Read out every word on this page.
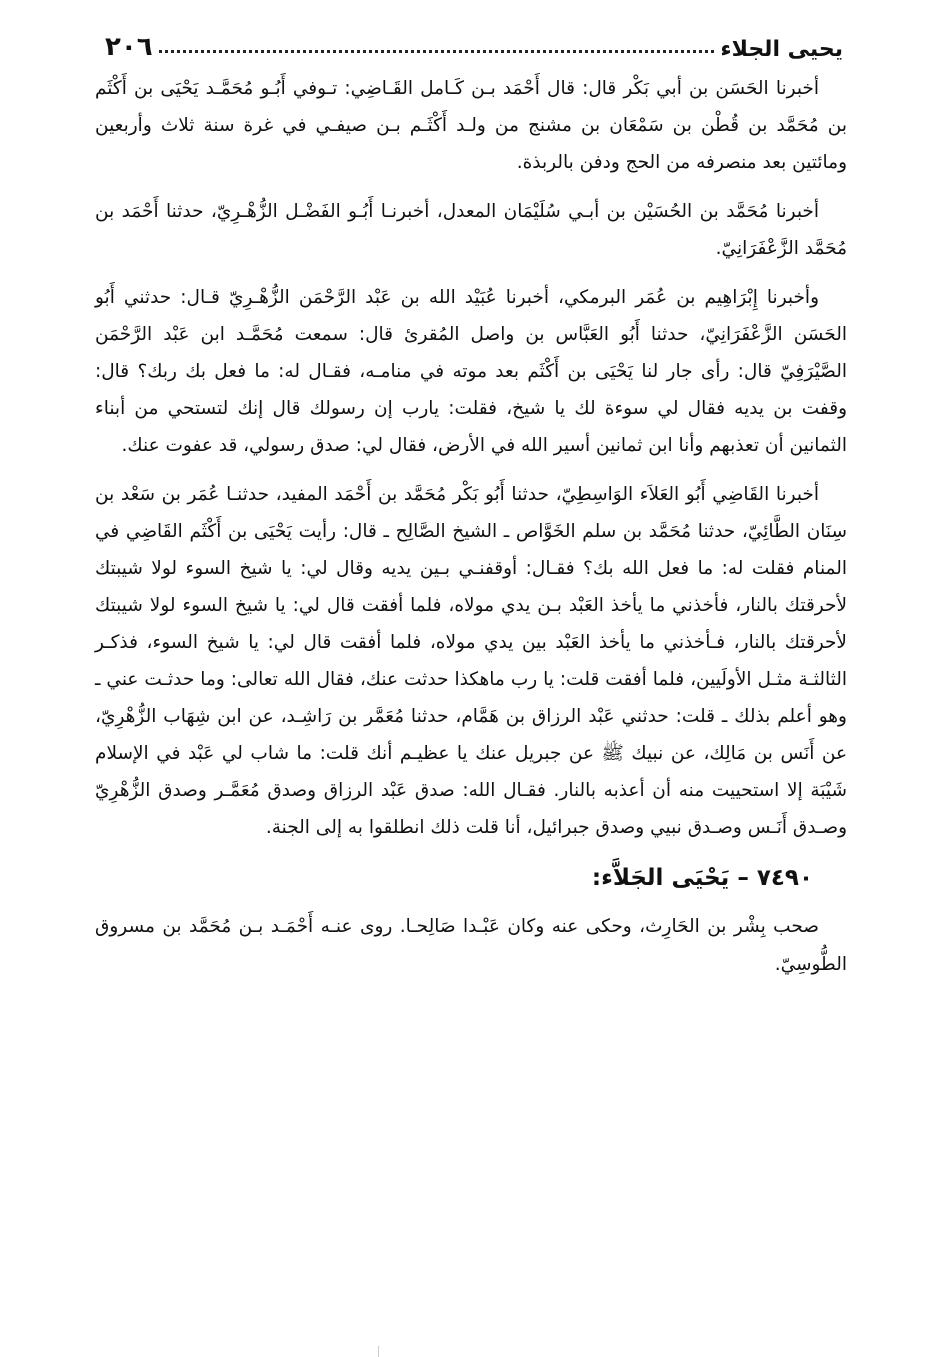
يحيى الجلاء
٢٠٦

أخبرنا الحَسَن بن أبي بَكْر قال: قال أَحْمَد بـن كَـامل القَـاضِي: تـوفي أَبُـو مُحَمَّـد يَحْيَى بن أَكْثَم بن مُحَمَّد بن قُطْن بن سَمْعَان بن مشنج من ولـد أَكْثَـم بـن صيفـي في غرة سنة ثلاث وأربعين ومائتين بعد منصرفه من الحج ودفن بالربذة.

أخبرنا مُحَمَّد بن الحُسَيْن بن أبـي سُلَيْمَان المعدل، أخبرنـا أَبُـو الفَضْـل الزُّهْـرِيّ، حدثنا أَحْمَد بن مُحَمَّد الزَّعْفَرَانِيّ.

وأخبرنا إِبْرَاهِيم بن عُمَر البرمكي، أخبرنا عُبَيْد الله بن عَبْد الرَّحْمَن الزُّهْـرِيّ قـال: حدثني أَبُو الحَسَن الزَّعْفَرَانِيّ، حدثنا أَبُو العَبَّاس بن واصل المُقرئ قال: سمعت مُحَمَّـد ابن عَبْد الرَّحْمَن الصَّيْرَفِيّ قال: رأى جار لنا يَحْيَى بن أَكْثَم بعد موته في منامـه، فقـال له: ما فعل بك ربك؟ قال: وقفت بن يديه فقال لي سوءة لك يا شيخ، فقلت: يارب إن رسولك قال إنك لتستحي من أبناء الثمانين أن تعذبهم وأنا ابن ثمانين أسير الله في الأرض، فقال لي: صدق رسولي، قد عفوت عنك.

أخبرنا القَاضِي أَبُو العَلاَء الوَاسِطِيّ، حدثنا أَبُو بَكْر مُحَمَّد بن أَحْمَد المفيد، حدثنـا عُمَر بن سَعْد بن سِنَان الطَّائِيّ، حدثنا مُحَمَّد بن سلم الخَوَّاص ـ الشيخ الصَّالِح ـ قال: رأيت يَحْيَى بن أَكْثَم القَاضِي في المنام فقلت له: ما فعل الله بك؟ فقـال: أوقفنـي بـين يديه وقال لي: يا شيخ السوء لولا شيبتك لأحرقتك بالنار، فأخذني ما يأخذ العَبْد بـن يدي مولاه، فلما أفقت قال لي: يا شيخ السوء لولا شيبتك لأحرقتك بالنار، فـأخذني ما يأخذ العَبْد بين يدي مولاه، فلما أفقت قال لي: يا شيخ السوء، فذكـر الثالثـة مثـل الأولَيين، فلما أفقت قلت: يا رب ماهكذا حدثت عنك، فقال الله تعالى: وما حدثـت عني ـ وهو أعلم بذلك ـ قلت: حدثني عَبْد الرزاق بن هَمَّام، حدثنا مُعَمَّر بن رَاشِـد، عن ابن شِهَاب الزُّهْرِيّ، عن أَنَس بن مَالِك، عن نبيك ﷺ عن جبريل عنك يا عظيـم أنك قلت: ما شاب لي عَبْد في الإسلام شَيْبَة إلا استحييت منه أن أعذبه بالنار. فقـال الله: صدق عَبْد الرزاق وصدق مُعَمَّـر وصدق الزُّهْرِيّ وصـدق أَنَـس وصـدق نبيي وصدق جبرائيل، أنا قلت ذلك انطلقوا به إلى الجنة.

٧٤٩٠ – يَحْيَى الجَلاَّء:

صحب بِشْر بن الحَارِث، وحكى عنه وكان عَبْـدا صَالِحـا. روى عنـه أَحْمَـد بـن مُحَمَّد بن مسروق الطُّوسِيّ.
